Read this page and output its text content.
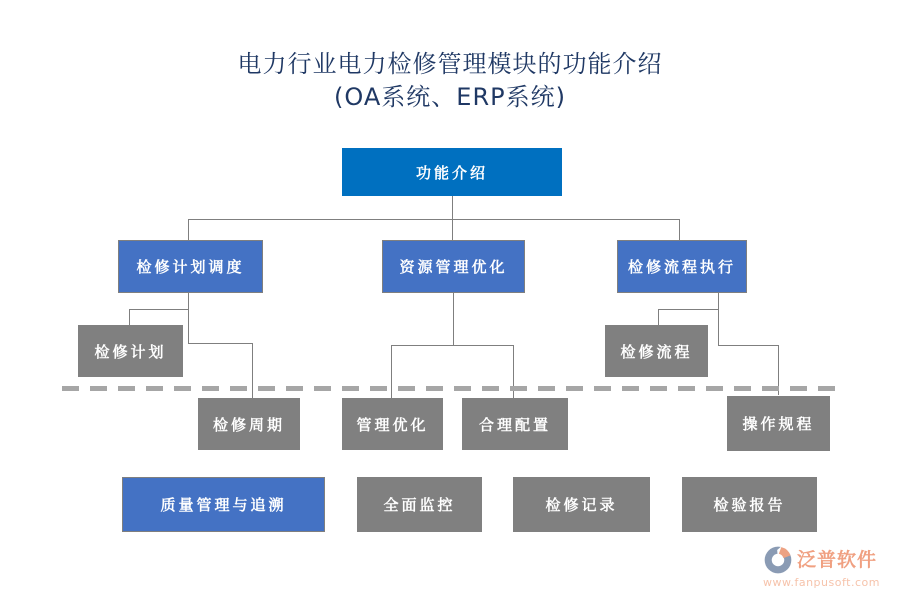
电力行业电力检修管理模块的功能介绍
(OA系统、ERP系统)
功能介绍
检修计划调度	资源管理优化	检修流程执行
检修计划	检修流程
检修周期	管理优化	合理配置	操作规程
质量管理与追溯	全面监控	检修记录	检验报告
泛普软件
www.fanpusoft.com
